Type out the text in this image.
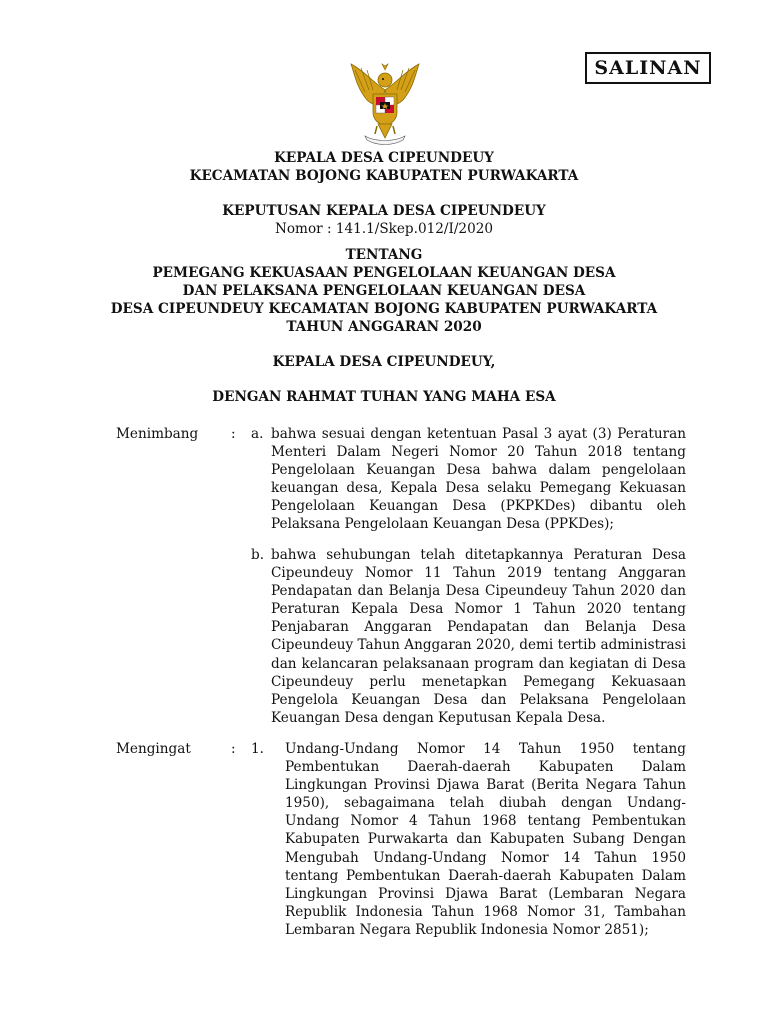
SALINAN
KEPALA DESA CIPEUNDEUY
KECAMATAN BOJONG KABUPATEN PURWAKARTA
KEPUTUSAN KEPALA DESA CIPEUNDEUY
Nomor : 141.1/Skep.012/I/2020
TENTANG
PEMEGANG KEKUASAAN PENGELOLAAN KEUANGAN DESA
DAN PELAKSANA PENGELOLAAN KEUANGAN DESA
DESA CIPEUNDEUY KECAMATAN BOJONG KABUPATEN PURWAKARTA
TAHUN ANGGARAN 2020
KEPALA DESA CIPEUNDEUY,
DENGAN RAHMAT TUHAN YANG MAHA ESA
Menimbang : a. bahwa sesuai dengan ketentuan Pasal 3 ayat (3) Peraturan Menteri Dalam Negeri Nomor 20 Tahun 2018 tentang Pengelolaan Keuangan Desa bahwa dalam pengelolaan keuangan desa, Kepala Desa selaku Pemegang Kekuasan Pengelolaan Keuangan Desa (PKPKDes) dibantu oleh Pelaksana Pengelolaan Keuangan Desa (PPKDes);

b. bahwa sehubungan telah ditetapkannya Peraturan Desa Cipeundeuy Nomor 11 Tahun 2019 tentang Anggaran Pendapatan dan Belanja Desa Cipeundeuy Tahun 2020 dan Peraturan Kepala Desa Nomor 1 Tahun 2020 tentang Penjabaran Anggaran Pendapatan dan Belanja Desa Cipeundeuy Tahun Anggaran 2020, demi tertib administrasi dan kelancaran pelaksanaan program dan kegiatan di Desa Cipeundeuy perlu menetapkan Pemegang Kekuasaan Pengelola Keuangan Desa dan Pelaksana Pengelolaan Keuangan Desa dengan Keputusan Kepala Desa.

Mengingat	: 1. Undang-Undang Nomor 14 Tahun 1950 tentang Pembentukan Daerah-daerah Kabupaten Dalam Lingkungan Provinsi Djawa Barat (Berita Negara Tahun 1950), sebagaimana telah diubah dengan Undang-Undang Nomor 4 Tahun 1968 tentang Pembentukan Kabupaten Purwakarta dan Kabupaten Subang Dengan Mengubah Undang-Undang Nomor 14 Tahun 1950 tentang Pembentukan Daerah-daerah Kabupaten Dalam Lingkungan Provinsi Djawa Barat (Lembaran Negara Republik Indonesia Tahun 1968 Nomor 31, Tambahan Lembaran Negara Republik Indonesia Nomor 2851);
